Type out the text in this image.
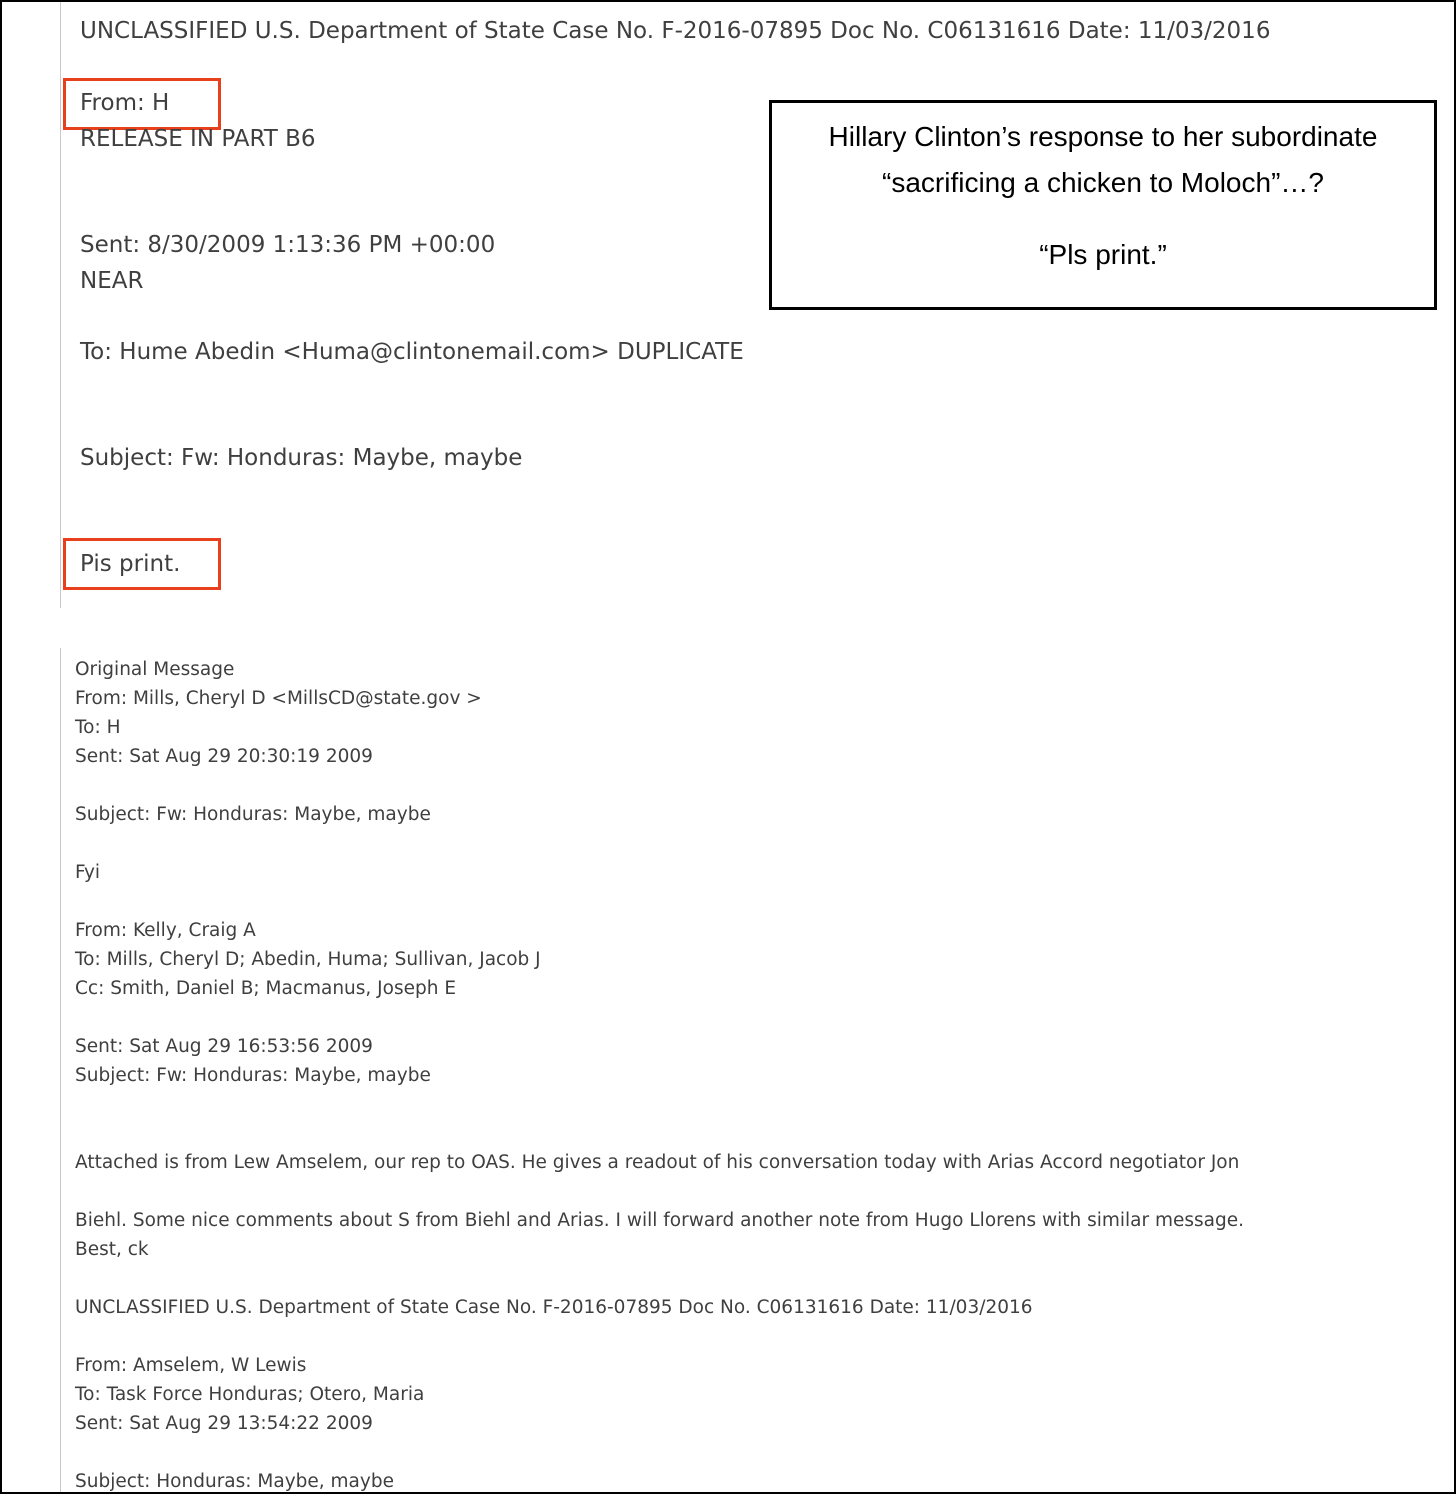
UNCLASSIFIED U.S. Department of State Case No. F-2016-07895 Doc No. C06131616 Date: 11/03/2016
From: H
RELEASE IN PART B6
Sent: 8/30/2009 1:13:36 PM +00:00
NEAR
To: Hume Abedin <Huma@clintonemail.com> DUPLICATE
Subject: Fw: Honduras: Maybe, maybe
Pis print.
Hillary Clinton’s response to her subordinate
“sacrificing a chicken to Moloch”…?
“Pls print.”
Original Message
From: Mills, Cheryl D <MillsCD@state.gov >
To: H
Sent: Sat Aug 29 20:30:19 2009
Subject: Fw: Honduras: Maybe, maybe
Fyi
From: Kelly, Craig A
To: Mills, Cheryl D; Abedin, Huma; Sullivan, Jacob J
Cc: Smith, Daniel B; Macmanus, Joseph E
Sent: Sat Aug 29 16:53:56 2009
Subject: Fw: Honduras: Maybe, maybe
Attached is from Lew Amselem, our rep to OAS. He gives a readout of his conversation today with Arias Accord negotiator Jon
Biehl. Some nice comments about S from Biehl and Arias. I will forward another note from Hugo Llorens with similar message.
Best, ck
UNCLASSIFIED U.S. Department of State Case No. F-2016-07895 Doc No. C06131616 Date: 11/03/2016
From: Amselem, W Lewis
To: Task Force Honduras; Otero, Maria
Sent: Sat Aug 29 13:54:22 2009
Subject: Honduras: Maybe, maybe
